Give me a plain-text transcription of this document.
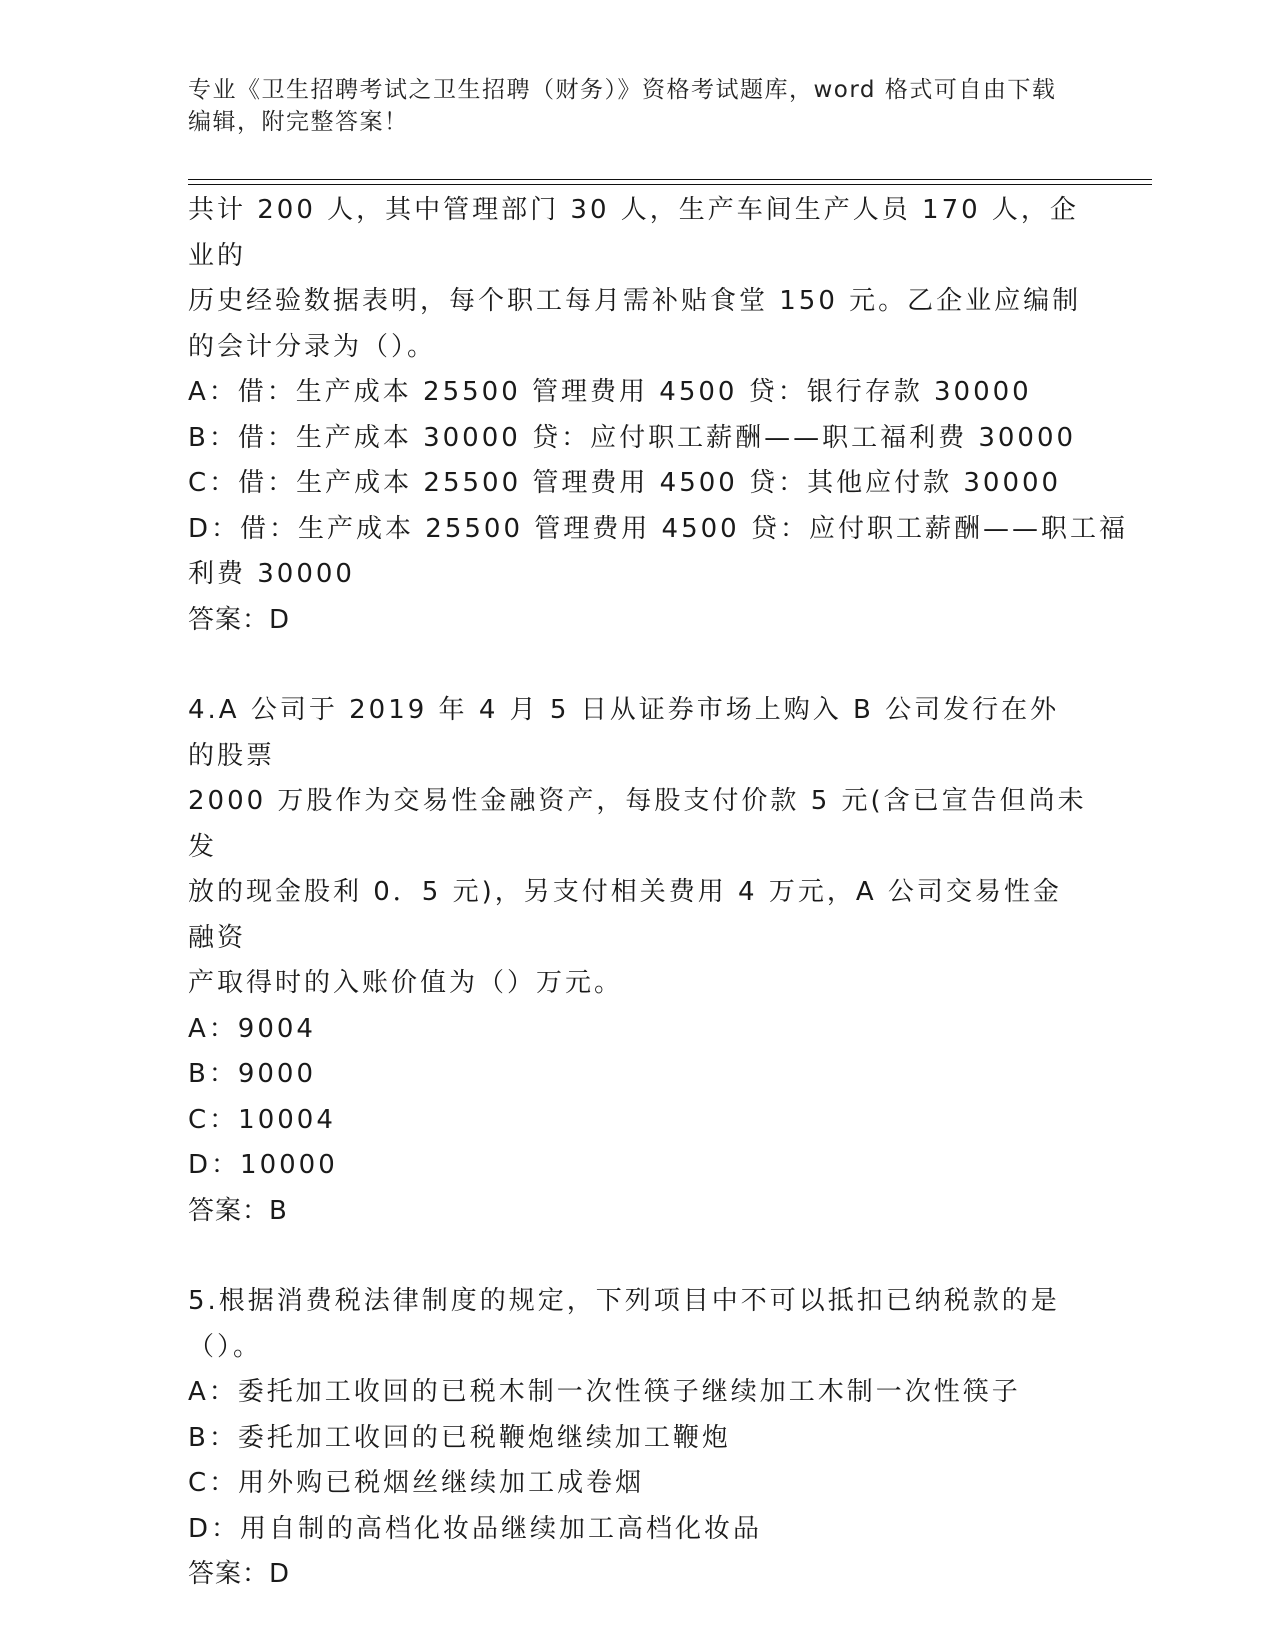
专业《卫生招聘考试之卫生招聘（财务）》资格考试题库，word 格式可自由下载
编辑，附完整答案！
共计 200 人，其中管理部门 30 人，生产车间生产人员 170 人，企业的
历史经验数据表明，每个职工每月需补贴食堂 150 元。乙企业应编制
的会计分录为（）。
A：借：生产成本 25500 管理费用 4500 贷：银行存款 30000
B：借：生产成本 30000 贷：应付职工薪酬——职工福利费 30000
C：借：生产成本 25500 管理费用 4500 贷：其他应付款 30000
D：借：生产成本 25500 管理费用 4500 贷：应付职工薪酬——职工福
利费 30000
答案：D
4.A 公司于 2019 年 4 月 5 日从证券市场上购入 B 公司发行在外的股票
2000 万股作为交易性金融资产，每股支付价款 5 元(含已宣告但尚未发
放的现金股利 0．5 元)，另支付相关费用 4 万元，A 公司交易性金融资
产取得时的入账价值为（）万元。
A：9004
B：9000
C：10004
D：10000
答案：B
5.根据消费税法律制度的规定，下列项目中不可以抵扣已纳税款的是
（）。
A：委托加工收回的已税木制一次性筷子继续加工木制一次性筷子
B：委托加工收回的已税鞭炮继续加工鞭炮
C：用外购已税烟丝继续加工成卷烟
D：用自制的高档化妆品继续加工高档化妆品
答案：D
